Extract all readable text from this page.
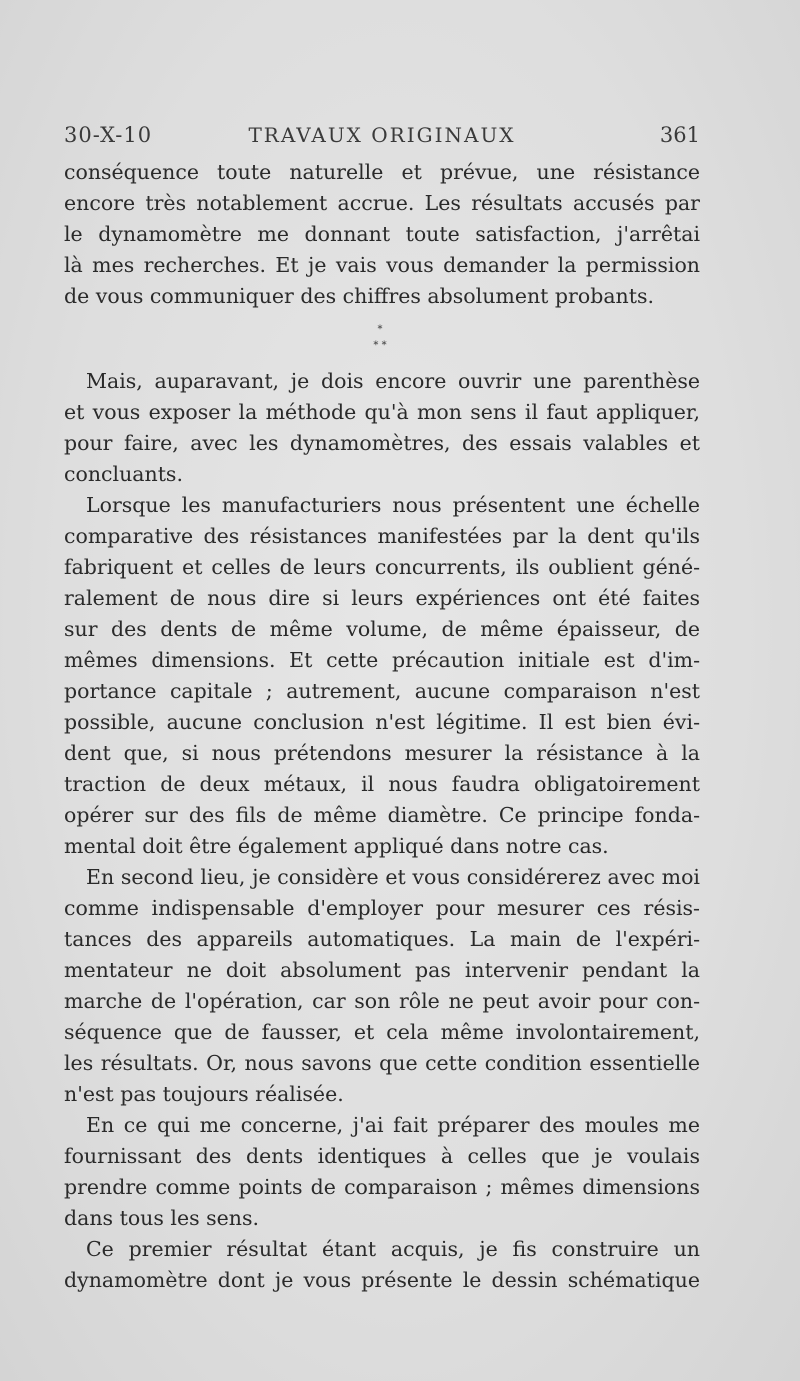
30-X-10	TRAVAUX ORIGINAUX	361
conséquence toute naturelle et prévue, une résistance
encore très notablement accrue. Les résultats accusés par
le dynamomètre me donnant toute satisfaction, j'arrêtai
là mes recherches. Et je vais vous demander la permission
de vous communiquer des chiffres absolument probants.
*
* *
Mais, auparavant, je dois encore ouvrir une parenthèse
et vous exposer la méthode qu'à mon sens il faut appliquer,
pour faire, avec les dynamomètres, des essais valables et
concluants.
Lorsque les manufacturiers nous présentent une échelle
comparative des résistances manifestées par la dent qu'ils
fabriquent et celles de leurs concurrents, ils oublient géné-
ralement de nous dire si leurs expériences ont été faites
sur des dents de même volume, de même épaisseur, de
mêmes dimensions. Et cette précaution initiale est d'im-
portance capitale ; autrement, aucune comparaison n'est
possible, aucune conclusion n'est légitime. Il est bien évi-
dent que, si nous prétendons mesurer la résistance à la
traction de deux métaux, il nous faudra obligatoirement
opérer sur des fils de même diamètre. Ce principe fonda-
mental doit être également appliqué dans notre cas.
En second lieu, je considère et vous considérerez avec moi
comme indispensable d'employer pour mesurer ces résis-
tances des appareils automatiques. La main de l'expéri-
mentateur ne doit absolument pas intervenir pendant la
marche de l'opération, car son rôle ne peut avoir pour con-
séquence que de fausser, et cela même involontairement,
les résultats. Or, nous savons que cette condition essentielle
n'est pas toujours réalisée.
En ce qui me concerne, j'ai fait préparer des moules me
fournissant des dents identiques à celles que je voulais
prendre comme points de comparaison ; mêmes dimensions
dans tous les sens.
Ce premier résultat étant acquis, je fis construire un
dynamomètre dont je vous présente le dessin schématique
